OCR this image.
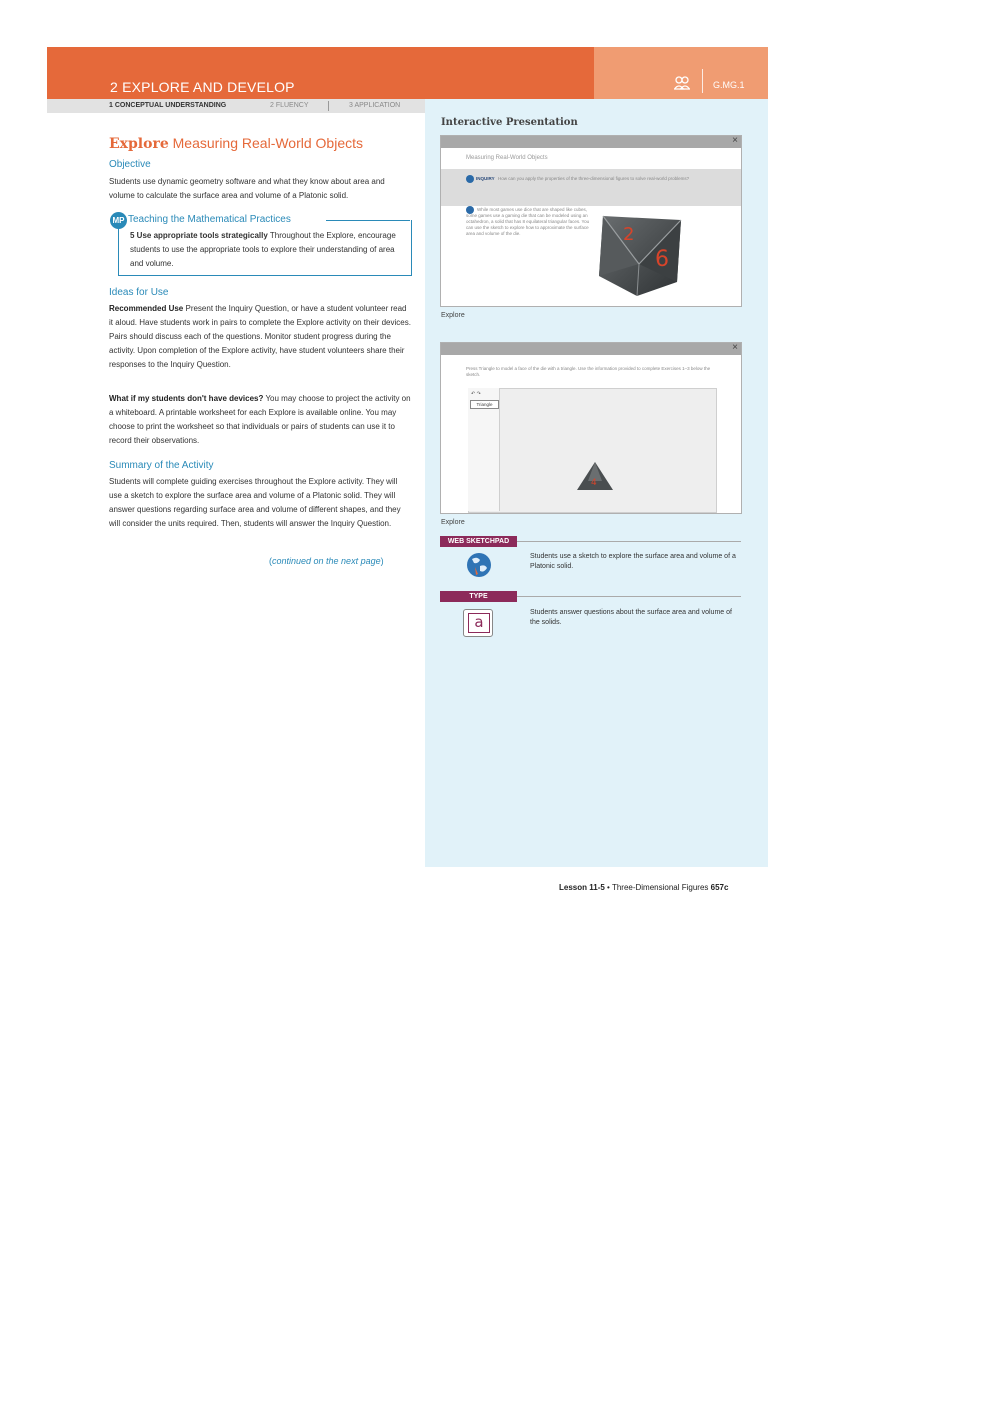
2 EXPLORE AND DEVELOP	G.MG.1
1 CONCEPTUAL UNDERSTANDING	2 FLUENCY	3 APPLICATION
Explore Measuring Real-World Objects
Objective
Students use dynamic geometry software and what they know about area and volume to calculate the surface area and volume of a Platonic solid.
MP Teaching the Mathematical Practices
5 Use appropriate tools strategically Throughout the Explore, encourage students to use the appropriate tools to explore their understanding of area and volume.
Ideas for Use
Recommended Use Present the Inquiry Question, or have a student volunteer read it aloud. Have students work in pairs to complete the Explore activity on their devices. Pairs should discuss each of the questions. Monitor student progress during the activity. Upon completion of the Explore activity, have student volunteers share their responses to the Inquiry Question.
What if my students don't have devices? You may choose to project the activity on a whiteboard. A printable worksheet for each Explore is available online. You may choose to print the worksheet so that individuals or pairs of students can use it to record their observations.
Summary of the Activity
Students will complete guiding exercises throughout the Explore activity. They will use a sketch to explore the surface area and volume of a Platonic solid. They will answer questions regarding surface area and volume of different shapes, and they will consider the units required. Then, students will answer the Inquiry Question.
(continued on the next page)
Interactive Presentation
×
Measuring Real-World Objects
INQUIRY How can you apply the properties of the three-dimensional figures to solve real-world problems?
While most games use dice that are shaped like cubes, some games use a gaming die that can be modeled using an octahedron, a solid that has 8 equilateral triangular faces. You can use the sketch to explore how to approximate the surface area and volume of the die.	2
6
Explore
×
Press Triangle to model a face of the die with a triangle. Use the information provided to complete Exercises 1–3 below the sketch.
↶ ↷
Triangle
4
Explore
WEB SKETCHPAD
Students use a sketch to explore the surface area and volume of a Platonic solid.
TYPE
a
Students answer questions about the surface area and volume of the solids.
Lesson 11-5 • Three-Dimensional Figures 657c
